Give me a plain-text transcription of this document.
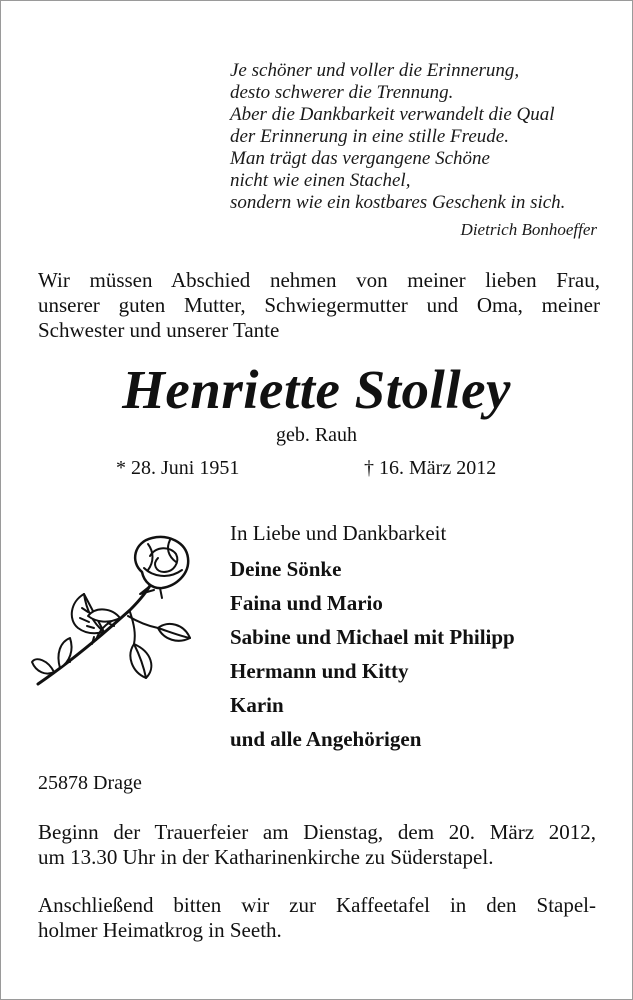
Je schöner und voller die Erinnerung,
desto schwerer die Trennung.
Aber die Dankbarkeit verwandelt die Qual
der Erinnerung in eine stille Freude.
Man trägt das vergangene Schöne
nicht wie einen Stachel,
sondern wie ein kostbares Geschenk in sich.
Dietrich Bonhoeffer
Wir müssen Abschied nehmen von meiner lieben Frau,
unserer guten Mutter, Schwiegermutter und Oma, meiner
Schwester und unserer Tante
Henriette Stolley
geb. Rauh
* 28. Juni 1951	† 16. März 2012
In Liebe und Dankbarkeit
Deine Sönke
Faina und Mario
Sabine und Michael mit Philipp
Hermann und Kitty
Karin
und alle Angehörigen
25878 Drage
Beginn der Trauerfeier am Dienstag, dem 20. März 2012,
um 13.30 Uhr in der Katharinenkirche zu Süderstapel.
Anschließend bitten wir zur Kaffeetafel in den Stapel-
holmer Heimatkrog in Seeth.
